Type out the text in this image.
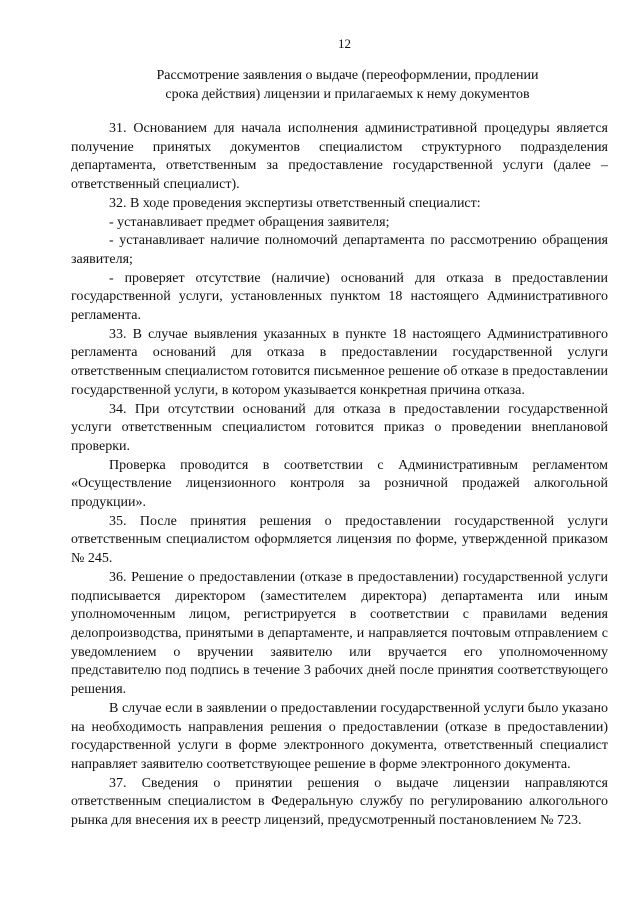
12
Рассмотрение заявления о выдаче (переоформлении, продлении
срока действия) лицензии и прилагаемых к нему документов

31. Основанием для начала исполнения административной процедуры является получение принятых документов специалистом структурного подразделения департамента, ответственным за предоставление государственной услуги (далее – ответственный специалист).

32. В ходе проведения экспертизы ответственный специалист:

- устанавливает предмет обращения заявителя;

- устанавливает наличие полномочий департамента по рассмотрению обращения заявителя;

- проверяет отсутствие (наличие) оснований для отказа в предоставлении государственной услуги, установленных пунктом 18 настоящего Административного регламента.

33. В случае выявления указанных в пункте 18 настоящего Административного регламента оснований для отказа в предоставлении государственной услуги ответственным специалистом готовится письменное решение об отказе в предоставлении государственной услуги, в котором указывается конкретная причина отказа.

34. При отсутствии оснований для отказа в предоставлении государственной услуги ответственным специалистом готовится приказ о проведении внеплановой проверки.

Проверка проводится в соответствии с Административным регламентом «Осуществление лицензионного контроля за розничной продажей алкогольной продукции».

35. После принятия решения о предоставлении государственной услуги ответственным специалистом оформляется лицензия по форме, утвержденной приказом № 245.

36. Решение о предоставлении (отказе в предоставлении) государственной услуги подписывается директором (заместителем директора) департамента или иным уполномоченным лицом, регистрируется в соответствии с правилами ведения делопроизводства, принятыми в департаменте, и направляется почтовым отправлением с уведомлением о вручении заявителю или вручается его уполномоченному представителю под подпись в течение 3 рабочих дней после принятия соответствующего решения.

В случае если в заявлении о предоставлении государственной услуги было указано на необходимость направления решения о предоставлении (отказе в предоставлении) государственной услуги в форме электронного документа, ответственный специалист направляет заявителю соответствующее решение в форме электронного документа.

37. Сведения о принятии решения о выдаче лицензии направляются ответственным специалистом в Федеральную службу по регулированию алкогольного рынка для внесения их в реестр лицензий, предусмотренный постановлением № 723.
